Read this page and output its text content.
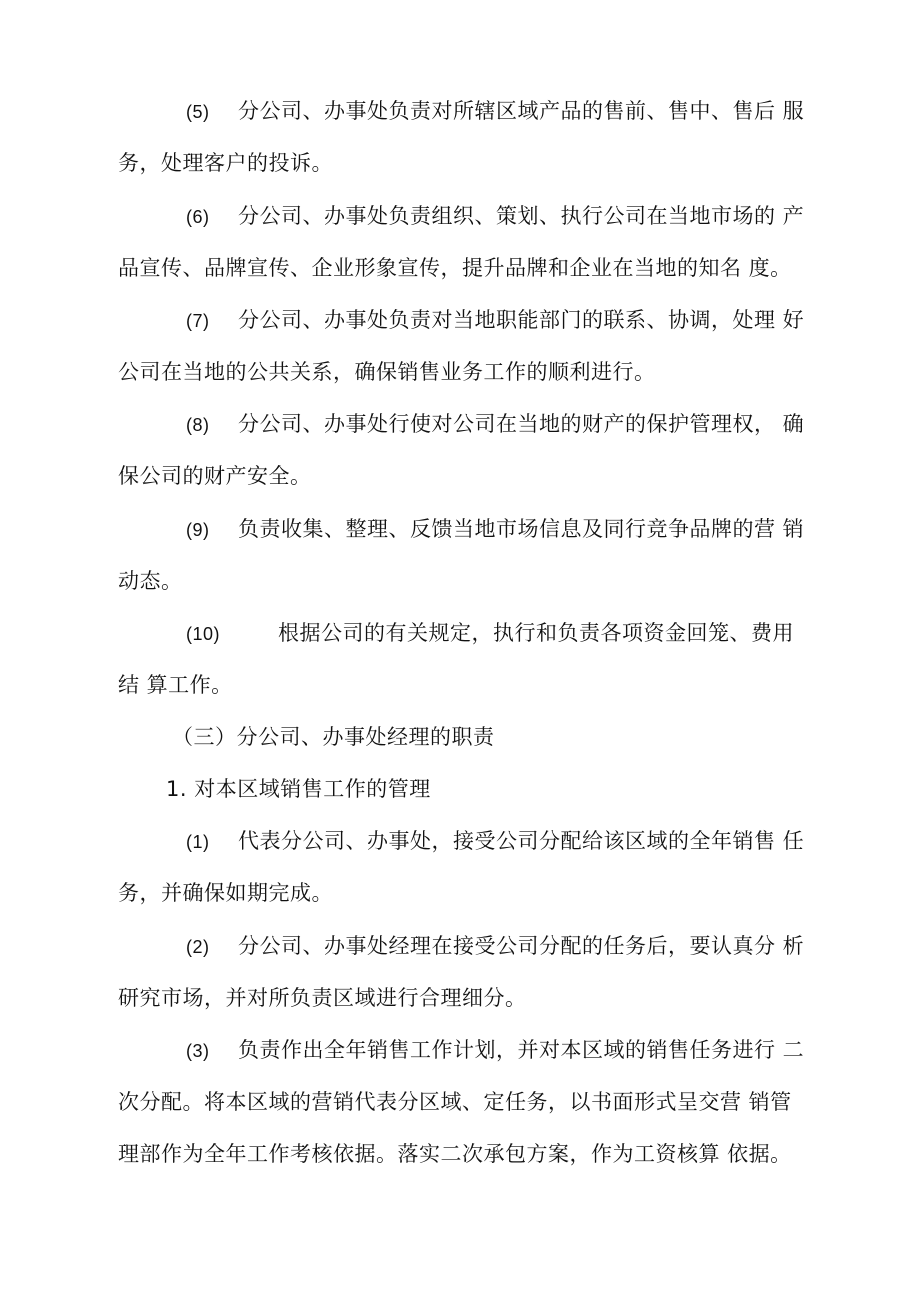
(5) 分公司、办事处负责对所辖区域产品的售前、售中、售后 服
务，处理客户的投诉。
(6) 分公司、办事处负责组织、策划、执行公司在当地市场的 产
品宣传、品牌宣传、企业形象宣传，提升品牌和企业在当地的知名 度。
(7) 分公司、办事处负责对当地职能部门的联系、协调，处理 好
公司在当地的公共关系，确保销售业务工作的顺利进行。
(8) 分公司、办事处行使对公司在当地的财产的保护管理权， 确
保公司的财产安全。
(9) 负责收集、整理、反馈当地市场信息及同行竞争品牌的营 销
动态。
(10)	根据公司的有关规定，执行和负责各项资金回笼、费用
结 算工作。
（三）分公司、办事处经理的职责
1. 对本区域销售工作的管理
(1) 代表分公司、办事处，接受公司分配给该区域的全年销售 任
务，并确保如期完成。
(2) 分公司、办事处经理在接受公司分配的任务后，要认真分 析
研究市场，并对所负责区域进行合理细分。
(3) 负责作出全年销售工作计划，并对本区域的销售任务进行 二
次分配。将本区域的营销代表分区域、定任务，以书面形式呈交营 销管
理部作为全年工作考核依据。落实二次承包方案，作为工资核算 依据。
